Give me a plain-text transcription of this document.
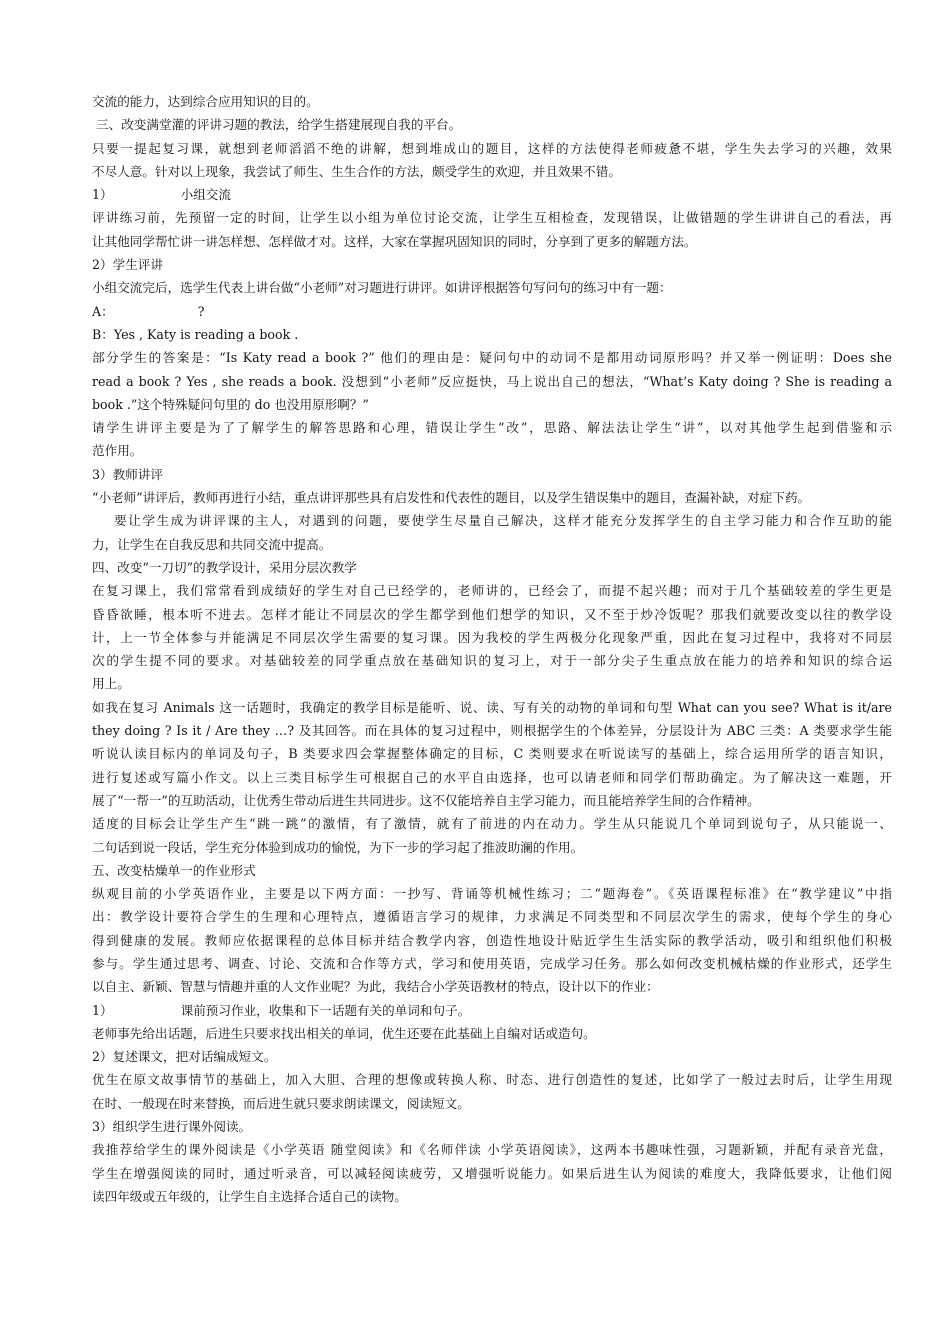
交流的能力，达到综合应用知识的目的。
三、改变满堂灌的评讲习题的教法，给学生搭建展现自我的平台。
只要一提起复习课，就想到老师滔滔不绝的讲解，想到堆成山的题目，这样的方法使得老师疲惫不堪，学生失去学习的兴趣，效果
不尽人意。针对以上现象，我尝试了师生、生生合作的方法，颇受学生的欢迎，并且效果不错。
1）	小组交流
评讲练习前，先预留一定的时间，让学生以小组为单位讨论交流，让学生互相检查，发现错误，让做错题的学生讲讲自己的看法，再
让其他同学帮忙讲一讲怎样想、怎样做才对。这样，大家在掌握巩固知识的同时，分享到了更多的解题方法。
2）学生评讲
小组交流完后，选学生代表上讲台做“小老师”对习题进行讲评。如讲评根据答句写问句的练习中有一题：
A：	?
B：Yes , Katy is reading a book .
部分学生的答案是：“Is Katy read a book ?” 他们的理由是：疑问句中的动词不是都用动词原形吗？并又举一例证明：Does she
read a book ? Yes , she reads a book. 没想到“小老师”反应挺快，马上说出自己的想法，“What’s Katy doing ? She is reading a
book .”这个特殊疑问句里的 do 也没用原形啊？”
请学生讲评主要是为了了解学生的解答思路和心理，错误让学生“改”，思路、解法法让学生“讲”，以对其他学生起到借鉴和示
范作用。
3）教师讲评
“小老师”讲评后，教师再进行小结，重点讲评那些具有启发性和代表性的题目，以及学生错误集中的题目，查漏补缺，对症下药。
要让学生成为讲评课的主人，对遇到的问题，要使学生尽量自己解决，这样才能充分发挥学生的自主学习能力和合作互助的能
力，让学生在自我反思和共同交流中提高。
四、改变“一刀切”的教学设计，采用分层次教学
在复习课上，我们常常看到成绩好的学生对自己已经学的，老师讲的，已经会了，而提不起兴趣；而对于几个基础较差的学生更是
昏昏欲睡，根本听不进去。怎样才能让不同层次的学生都学到他们想学的知识，又不至于炒冷饭呢？那我们就要改变以往的教学设
计，上一节全体参与并能满足不同层次学生需要的复习课。因为我校的学生两极分化现象严重，因此在复习过程中，我将对不同层
次的学生提不同的要求。对基础较差的同学重点放在基础知识的复习上，对于一部分尖子生重点放在能力的培养和知识的综合运
用上。
如我在复习 Animals 这一话题时，我确定的教学目标是能听、说、读、写有关的动物的单词和句型 What can you see? What is it/are
they doing ? Is it / Are they …? 及其回答。而在具体的复习过程中，则根据学生的个体差异，分层设计为 ABC 三类：A 类要求学生能
听说认读目标内的单词及句子，B 类要求四会掌握整体确定的目标，C 类则要求在听说读写的基础上，综合运用所学的语言知识，
进行复述或写篇小作文。以上三类目标学生可根据自己的水平自由选择，也可以请老师和同学们帮助确定。为了解决这一难题，开
展了“一帮一”的互助活动，让优秀生带动后进生共同进步。这不仅能培养自主学习能力，而且能培养学生间的合作精神。
适度的目标会让学生产生“跳一跳”的激情，有了激情，就有了前进的内在动力。学生从只能说几个单词到说句子，从只能说一、
二句话到说一段话，学生充分体验到成功的愉悦，为下一步的学习起了推波助澜的作用。
五、改变枯燥单一的作业形式
纵观目前的小学英语作业，主要是以下两方面：一抄写、背诵等机械性练习；二“题海卷”。《英语课程标准》在“教学建议”中指
出：教学设计要符合学生的生理和心理特点，遵循语言学习的规律，力求满足不同类型和不同层次学生的需求，使每个学生的身心
得到健康的发展。教师应依据课程的总体目标并结合教学内容，创造性地设计贴近学生生活实际的教学活动，吸引和组织他们积极
参与。学生通过思考、调查、讨论、交流和合作等方式，学习和使用英语，完成学习任务。那么如何改变机械枯燥的作业形式，还学生
以自主、新颖、智慧与情趣并重的人文作业呢？为此，我结合小学英语教材的特点，设计以下的作业：
1）	课前预习作业，收集和下一话题有关的单词和句子。
老师事先给出话题，后进生只要求找出相关的单词，优生还要在此基础上自编对话或造句。
2）复述课文，把对话编成短文。
优生在原文故事情节的基础上，加入大胆、合理的想像或转换人称、时态、进行创造性的复述，比如学了一般过去时后，让学生用现
在时、一般现在时来替换，而后进生就只要求朗读课文，阅读短文。
3）组织学生进行课外阅读。
我推荐给学生的课外阅读是《小学英语 随堂阅读》和《名师伴读 小学英语阅读》，这两本书趣味性强，习题新颖，并配有录音光盘，
学生在增强阅读的同时，通过听录音，可以减轻阅读疲劳，又增强听说能力。如果后进生认为阅读的难度大，我降低要求，让他们阅
读四年级或五年级的，让学生自主选择合适自己的读物。
